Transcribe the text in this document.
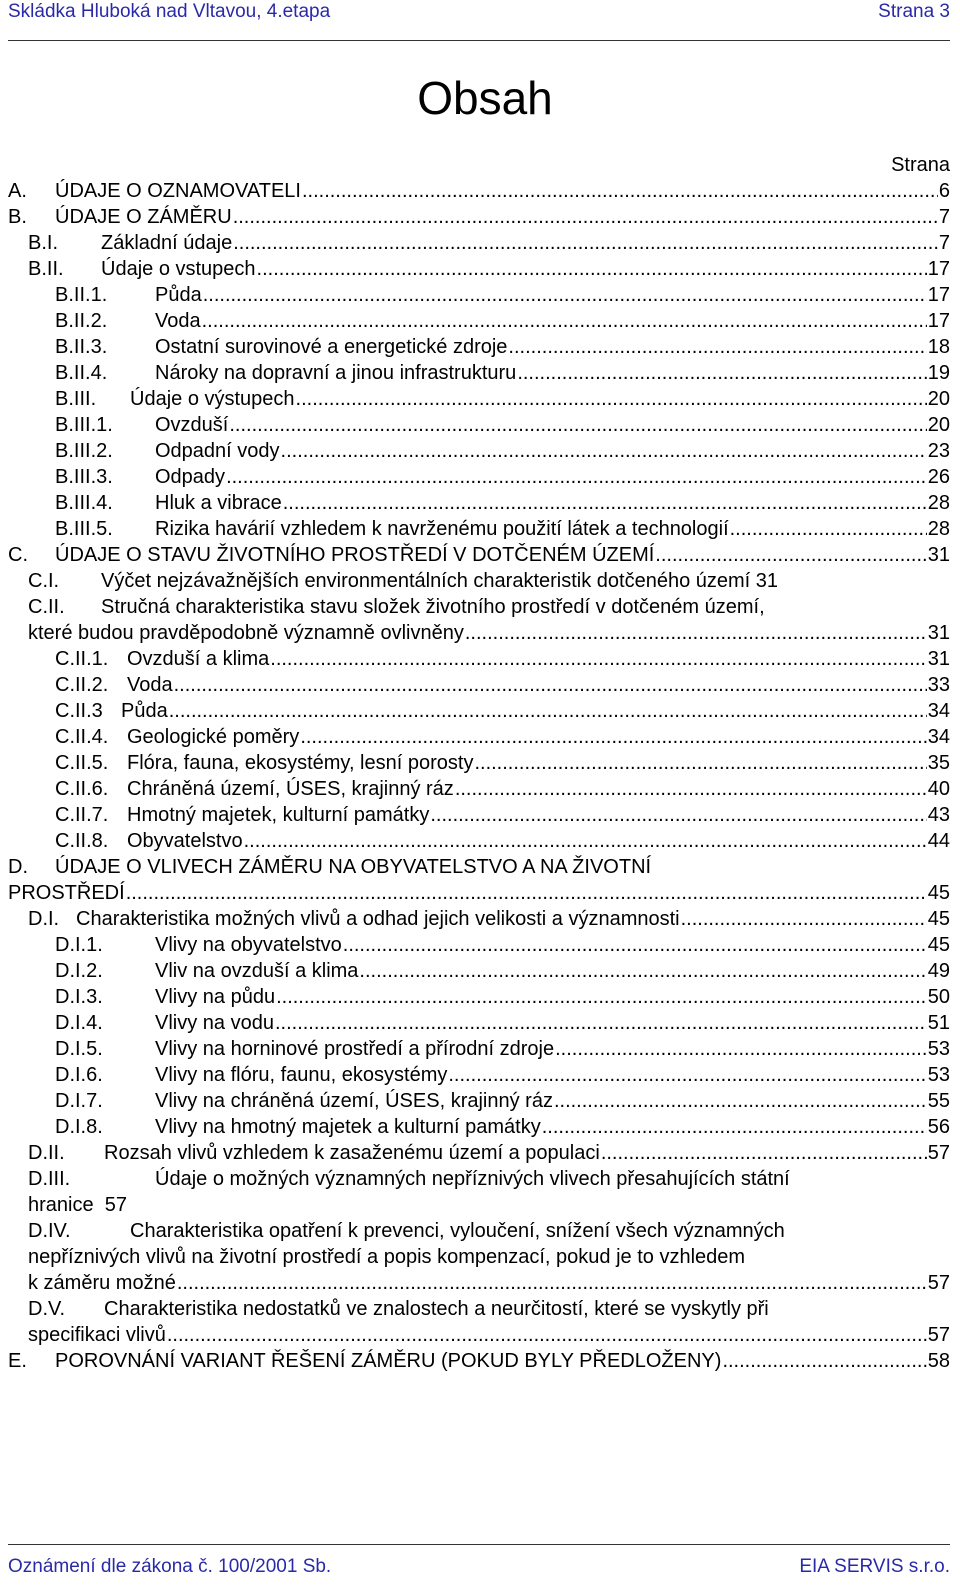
Skládka Hluboká nad Vltavou, 4.etapa	Strana 3
Obsah
Strana
A. ÚDAJE O OZNAMOVATELI .....	6
B. ÚDAJE O ZÁMĚRU .....	7
B.I. Základní údaje .....	7
B.II. Údaje o vstupech .....	17
B.II.1. Půda .....	17
B.II.2. Voda .....	17
B.II.3. Ostatní surovinové a energetické zdroje .....	18
B.II.4. Nároky na dopravní a jinou infrastrukturu .....	19
B.III. Údaje o výstupech .....	20
B.III.1. Ovzduší .....	20
B.III.2. Odpadní vody .....	23
B.III.3. Odpady .....	26
B.III.4. Hluk a vibrace .....	28
B.III.5. Rizika havárií vzhledem k navrženému použití látek a technologií .....	28
C. ÚDAJE O STAVU ŽIVOTNÍHO PROSTŘEDÍ V DOTČENÉM ÚZEMÍ .....	31
C.I. Výčet nejzávažnějších environmentálních charakteristik dotčeného území 31
C.II. Stručná charakteristika stavu složek životního prostředí v dotčeném území,
které budou pravděpodobně významně ovlivněny .....	31
C.II.1. Ovzduší a klima .....	31
C.II.2. Voda .....	33
C.II.3 Půda .....	34
C.II.4. Geologické poměry .....	34
C.II.5. Flóra, fauna, ekosystémy, lesní porosty .....	35
C.II.6. Chráněná území, ÚSES, krajinný ráz .....	40
C.II.7. Hmotný majetek, kulturní památky .....	43
C.II.8. Obyvatelstvo .....	44
D. ÚDAJE O VLIVECH ZÁMĚRU NA OBYVATELSTVO A NA ŽIVOTNÍ
PROSTŘEDÍ .....	45
D.I. Charakteristika možných vlivů a odhad jejich velikosti a významnosti .....	45
D.I.1.	Vlivy na obyvatelstvo .....	45
D.I.2.	Vliv na ovzduší a klima .....	49
D.I.3.	Vlivy na půdu .....	50
D.I.4.	Vlivy na vodu .....	51
D.I.5.	Vlivy na horninové prostředí a přírodní zdroje .....	53
D.I.6.	Vlivy na flóru, faunu, ekosystémy .....	53
D.I.7.	Vlivy na chráněná území, ÚSES, krajinný ráz .....	55
D.I.8.	Vlivy na hmotný majetek a kulturní památky .....	56
D.II. Rozsah vlivů vzhledem k zasaženému území a populaci .....	57
D.III.	Údaje o možných významných nepříznivých vlivech přesahujících státní
hranice  57
D.IV.	Charakteristika opatření k prevenci, vyloučení, snížení všech významných
nepříznivých vlivů na životní prostředí a popis kompenzací, pokud je to vzhledem
k záměru možné .....	57
D.V. Charakteristika nedostatků ve znalostech a neurčitostí, které se vyskytly při
specifikaci vlivů .....	57
E. POROVNÁNÍ VARIANT ŘEŠENÍ ZÁMĚRU (POKUD BYLY PŘEDLOŽENY) .....	58
Oznámení dle zákona č. 100/2001 Sb.	EIA SERVIS s.r.o.
